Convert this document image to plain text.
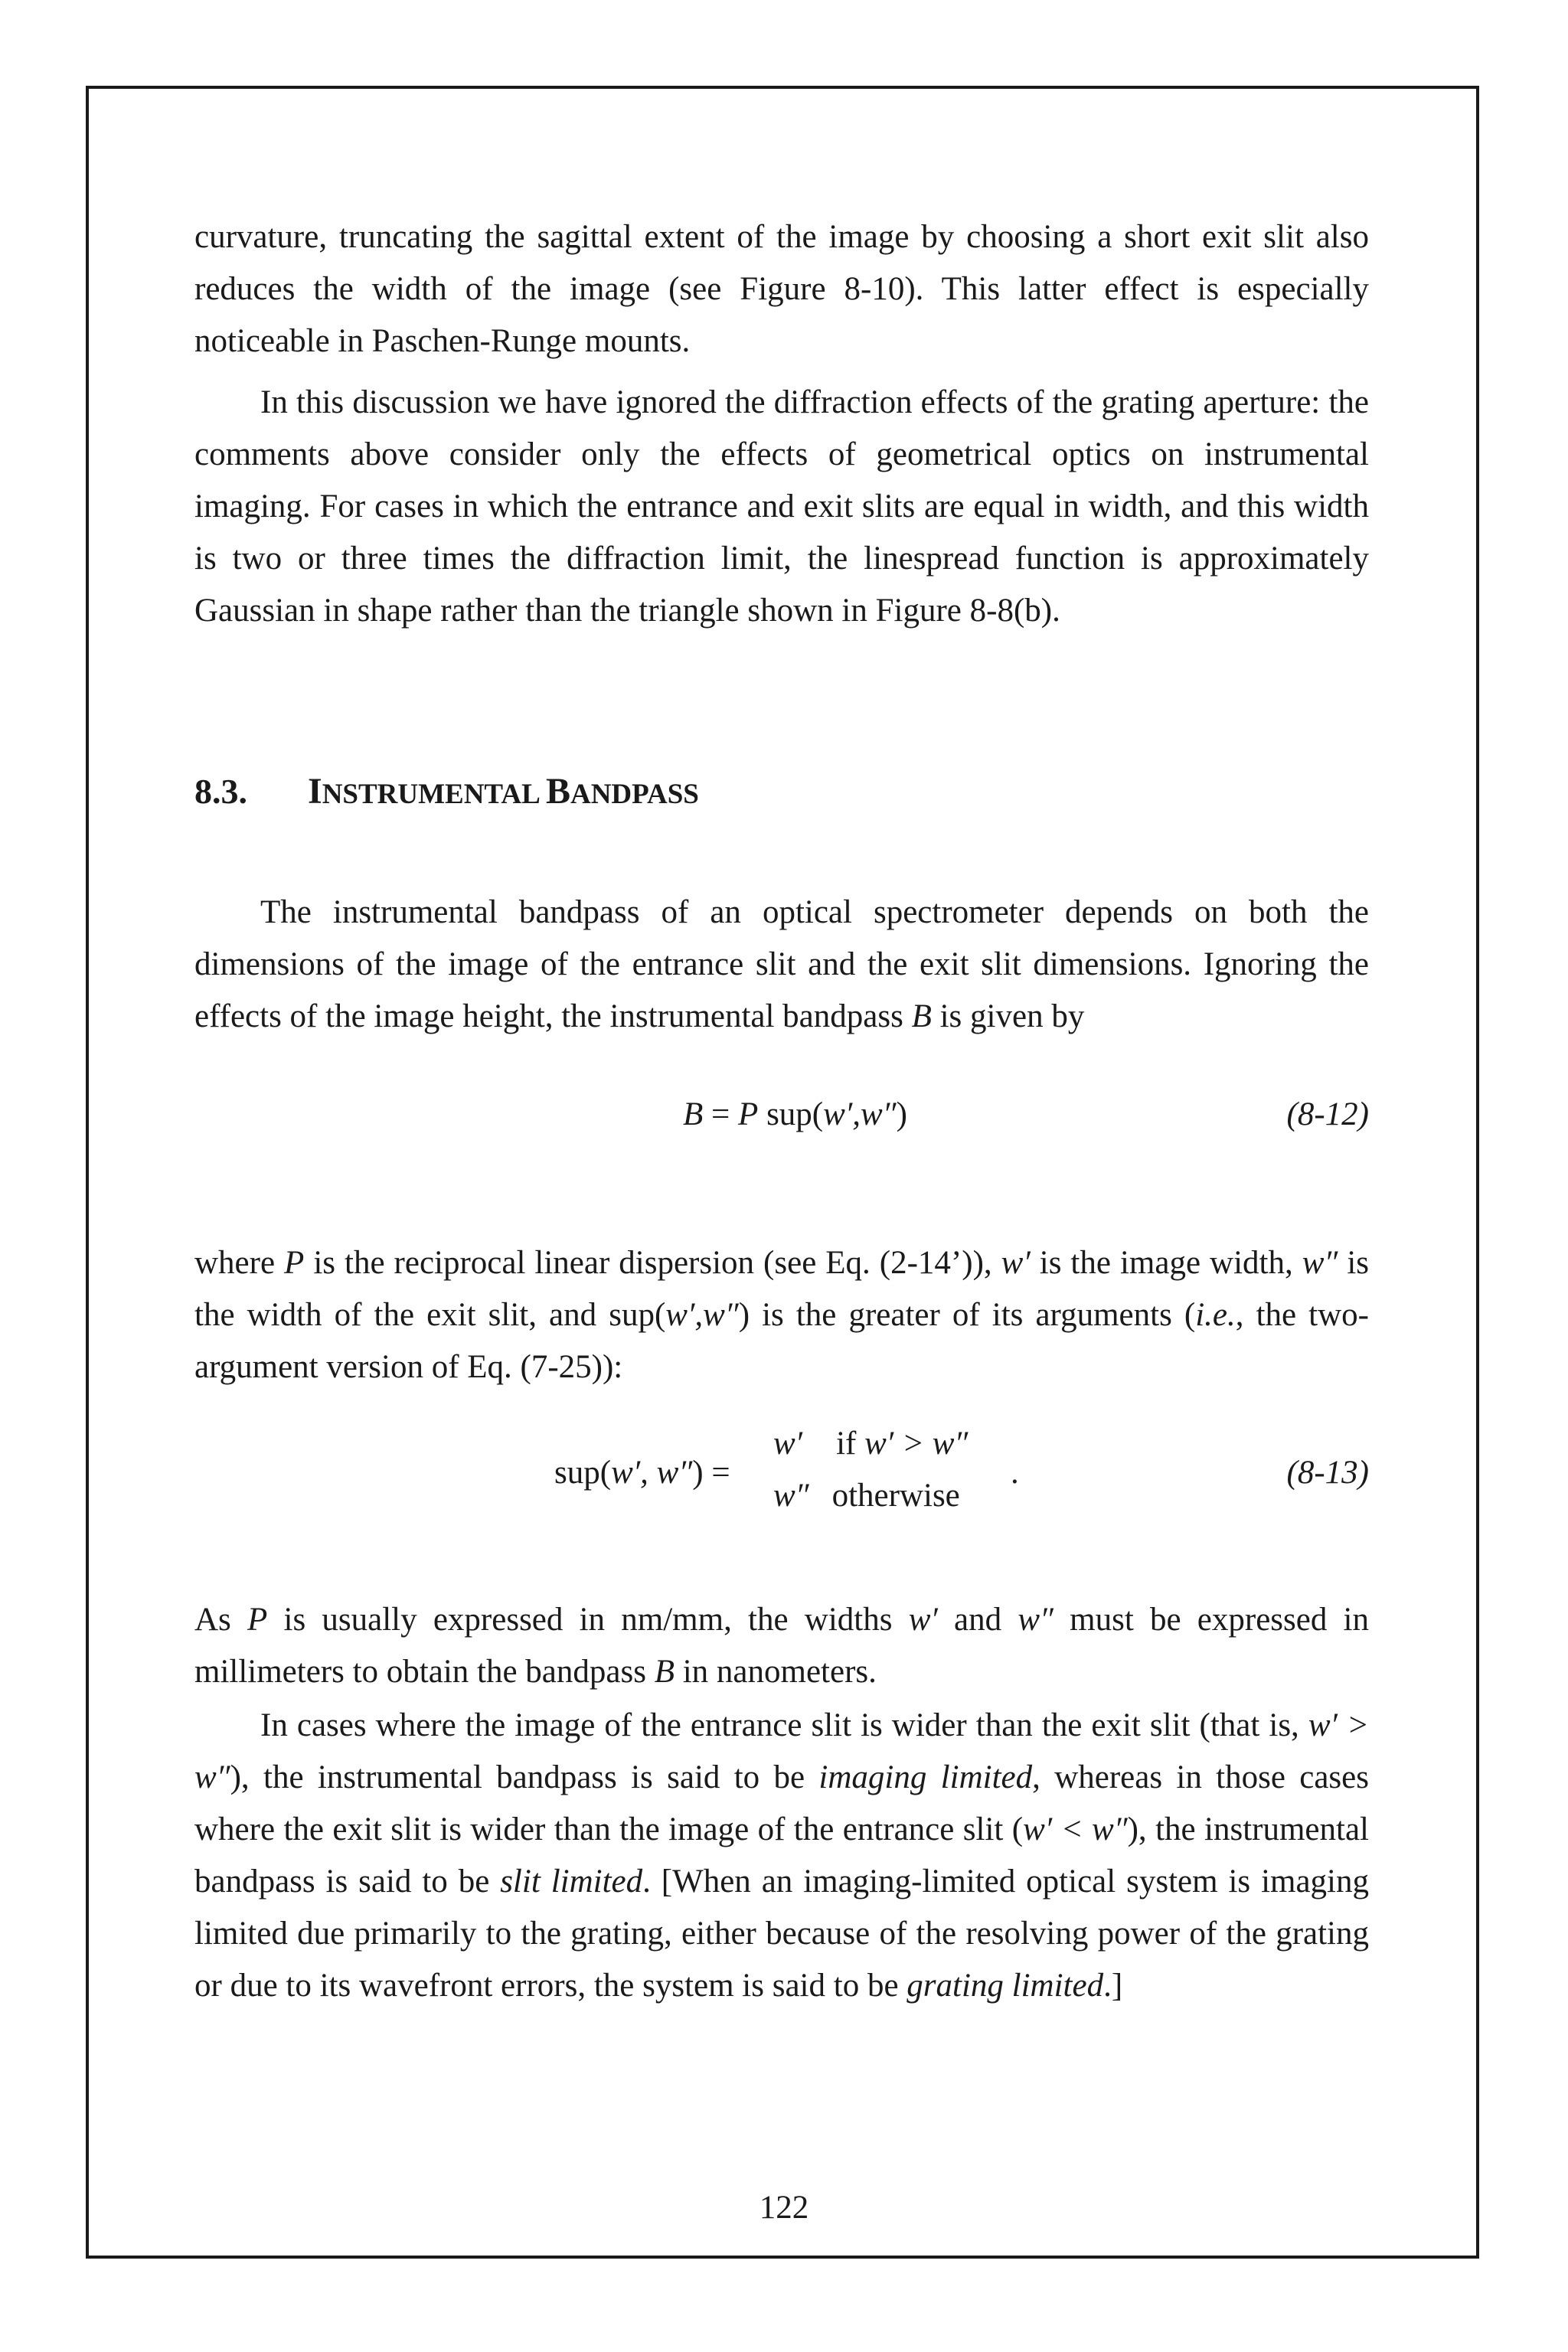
curvature, truncating the sagittal extent of the image by choosing a short exit slit also reduces the width of the image (see Figure 8-10). This latter effect is especially noticeable in Paschen-Runge mounts.

In this discussion we have ignored the diffraction effects of the grating aperture: the comments above consider only the effects of geometrical optics on instrumental imaging. For cases in which the entrance and exit slits are equal in width, and this width is two or three times the diffraction limit, the linespread function is approximately Gaussian in shape rather than the triangle shown in Figure 8-8(b).

8.3. INSTRUMENTAL BANDPASS

The instrumental bandpass of an optical spectrometer depends on both the dimensions of the image of the entrance slit and the exit slit dimensions. Ignoring the effects of the image height, the instrumental bandpass B is given by

B = P sup(w′,w″)	(8-12)

where P is the reciprocal linear dispersion (see Eq. (2-14’)), w′ is the image width, w″ is the width of the exit slit, and sup(w′,w″) is the greater of its arguments (i.e., the two-argument version of Eq. (7-25)):

sup(w′, w″) =
w′ if w′ > w″
w″ otherwise
.	(8-13)

As P is usually expressed in nm/mm, the widths w′ and w″ must be expressed in millimeters to obtain the bandpass B in nanometers.

In cases where the image of the entrance slit is wider than the exit slit (that is, w′ > w″), the instrumental bandpass is said to be imaging limited, whereas in those cases where the exit slit is wider than the image of the entrance slit (w′ < w″), the instrumental bandpass is said to be slit limited. [When an imaging-limited optical system is imaging limited due primarily to the grating, either because of the resolving power of the grating or due to its wavefront errors, the system is said to be grating limited.]

122
